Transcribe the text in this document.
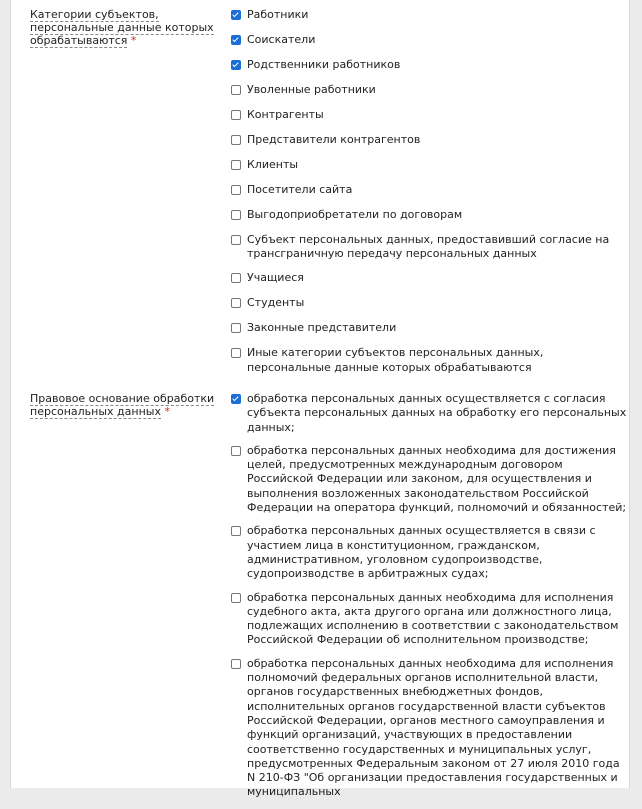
Категории субъектов, персональные данные которых обрабатываются *
Работники
Соискатели
Родственники работников
Уволенные работники
Контрагенты
Представители контрагентов
Клиенты
Посетители сайта
Выгодоприобретатели по договорам
Субъект персональных данных, предоставивший согласие на трансграничную передачу персональных данных
Учащиеся
Студенты
Законные представители
Иные категории субъектов персональных данных, персональные данные которых обрабатываются
Правовое основание обработки персональных данных *
обработка персональных данных осуществляется с согласия субъекта персональных данных на обработку его персональных данных;
обработка персональных данных необходима для достижения целей, предусмотренных международным договором Российской Федерации или законом, для осуществления и выполнения возложенных законодательством Российской Федерации на оператора функций, полномочий и обязанностей;
обработка персональных данных осуществляется в связи с участием лица в конституционном, гражданском, административном, уголовном судопроизводстве, судопроизводстве в арбитражных судах;
обработка персональных данных необходима для исполнения судебного акта, акта другого органа или должностного лица, подлежащих исполнению в соответствии с законодательством Российской Федерации об исполнительном производстве;
обработка персональных данных необходима для исполнения полномочий федеральных органов исполнительной власти, органов государственных внебюджетных фондов, исполнительных органов государственной власти субъектов Российской Федерации, органов местного самоуправления и функций организаций, участвующих в предоставлении соответственно государственных и муниципальных услуг, предусмотренных Федеральным законом от 27 июля 2010 года N 210-ФЗ "Об организации предоставления государственных и муниципальных
